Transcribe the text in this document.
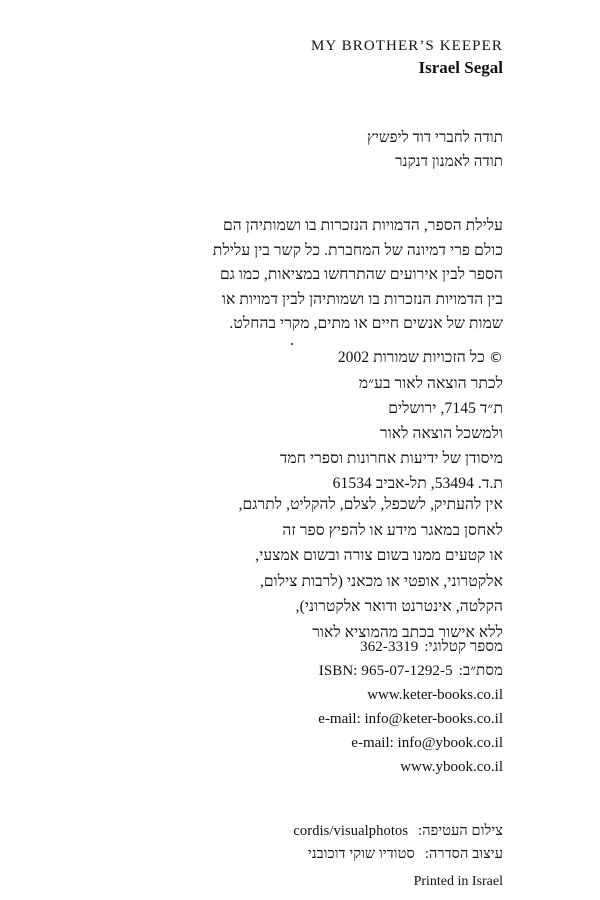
MY BROTHER’S KEEPER
Israel Segal
תודה לחברי דוד ליפשיץ
תודה לאמנון דנקנר
עלילת הספר, הדמויות הנזכרות בו ושמותיהן הם
כולם פרי דמיונה של המחברת. כל קשר בין עלילת
הספר לבין אירועים שהתרחשו במציאות, כמו גם
בין הדמויות הנזכרות בו ושמותיהן לבין דמויות או
שמות של אנשים חיים או מתים, מקרי בהחלט.
© כל הזכויות שמורות 2002
לכתר הוצאה לאור בע״מ
ת״ד 7145, ירושלים
ולמשכל הוצאה לאור
מיסודן של ידיעות אחרונות וספרי חמד
ת.ד. 53494, תל-אביב 61534
אין להעתיק, לשכפל, לצלם, להקליט, לתרגם,
לאחסן במאגר מידע או להפיץ ספר זה
או קטעים ממנו בשום צורה ובשום אמצעי,
אלקטרוני, אופטי או מכאני (לרבות צילום,
הקלטה, אינטרנט ודואר אלקטרוני),
ללא אישור בכתב מהמוציא לאור
מספר קטלוגי:
362-3319
מסת״ב:
ISBN: 965-07-1292-5
www.keter-books.co.il
e-mail: info@keter-books.co.il
e-mail: info@ybook.co.il
www.ybook.co.il
צילום העטיפה:
cordis/visualphotos
עיצוב הסדרה:
סטודיו שוקי דוכובני
Printed in Israel
